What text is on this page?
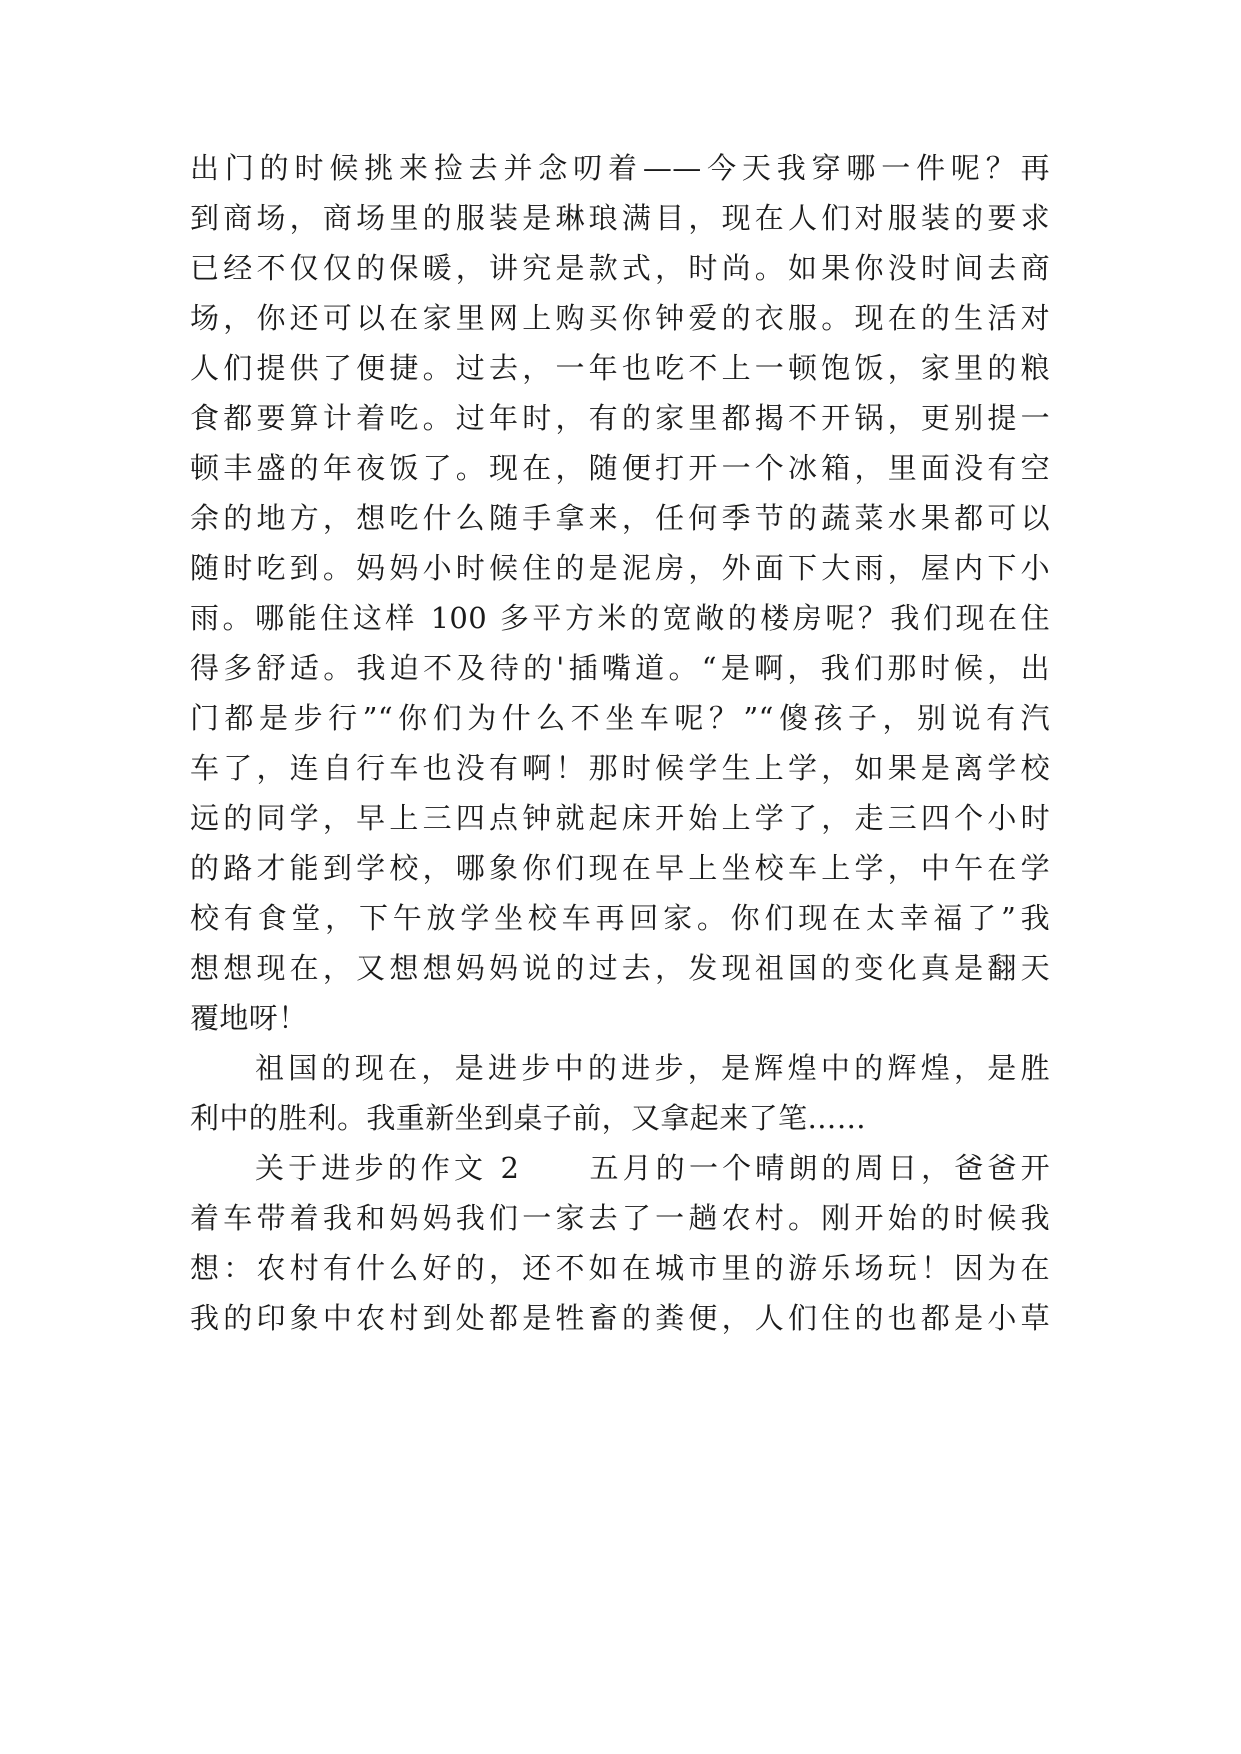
出门的时候挑来捡去并念叨着——今天我穿哪一件呢？再
到商场，商场里的服装是琳琅满目，现在人们对服装的要求
已经不仅仅的保暖，讲究是款式，时尚。如果你没时间去商
场，你还可以在家里网上购买你钟爱的衣服。现在的生活对
人们提供了便捷。过去，一年也吃不上一顿饱饭，家里的粮
食都要算计着吃。过年时，有的家里都揭不开锅，更别提一
顿丰盛的年夜饭了。现在，随便打开一个冰箱，里面没有空
余的地方，想吃什么随手拿来，任何季节的蔬菜水果都可以
随时吃到。妈妈小时候住的是泥房，外面下大雨，屋内下小
雨。哪能住这样 100 多平方米的宽敞的楼房呢？我们现在住
得多舒适。我迫不及待的'插嘴道。“是啊，我们那时候，出
门都是步行”“你们为什么不坐车呢？”“傻孩子，别说有汽
车了，连自行车也没有啊！那时候学生上学，如果是离学校
远的同学，早上三四点钟就起床开始上学了，走三四个小时
的路才能到学校，哪象你们现在早上坐校车上学，中午在学
校有食堂，下午放学坐校车再回家。你们现在太幸福了”我
想想现在，又想想妈妈说的过去，发现祖国的变化真是翻天
覆地呀！
祖国的现在，是进步中的进步，是辉煌中的辉煌，是胜
利中的胜利。我重新坐到桌子前，又拿起来了笔……
关于进步的作文 2　　五月的一个晴朗的周日，爸爸开
着车带着我和妈妈我们一家去了一趟农村。刚开始的时候我
想：农村有什么好的，还不如在城市里的游乐场玩！因为在
我的印象中农村到处都是牲畜的粪便，人们住的也都是小草
